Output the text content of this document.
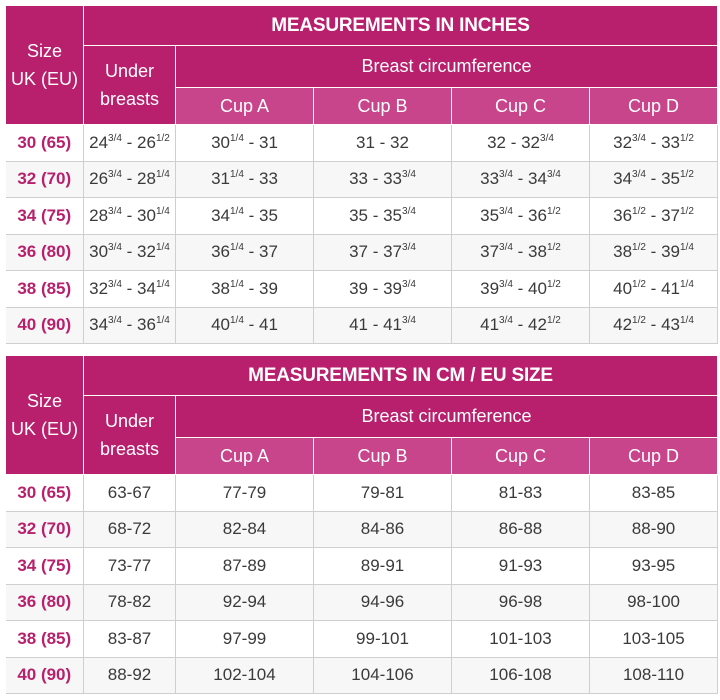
Size
UK (EU)	MEASUREMENTS IN INCHES				

	Under
breasts	Breast circumference			
		Cup A	Cup B	Cup C	Cup D
30 (65)	$24^{3/4} - 26^{1/2}$	$30^{1/4} - 31$	31 - 32	$32 - 32^{3/4}$	$32^{3/4} - 33^{1/2}$
32 (70)	$26^{3/4} - 28^{1/4}$	$31^{1/4} - 33$	$33 - 33^{3/4}$	$33^{3/4} - 34^{3/4}$	$34^{3/4} - 35^{1/2}$
34 (75)	$28^{3/4} - 30^{1/4}$	$34^{1/4} - 35$	$35 - 35^{3/4}$	$35^{3/4} - 36^{1/2}$	$36^{1/2} - 37^{1/2}$
36 (80)	$30^{3/4} - 32^{1/4}$	$36^{1/4} - 37$	$37 - 37^{3/4}$	$37^{3/4} - 38^{1/2}$	$38^{1/2} - 39^{1/4}$
38 (85)	$32^{3/4} - 34^{1/4}$	$38^{1/4} - 39$	$39 - 39^{3/4}$	$39^{3/4} - 40^{1/2}$	$40^{1/2} - 41^{1/4}$
40 (90)	$34^{3/4} - 36^{1/4}$	$40^{1/4} - 41$	$41 - 41^{3/4}$	$41^{3/4} - 42^{1/2}$	$42^{1/2} - 43^{1/4}$
Size
UK (EU)	MEASUREMENTS IN CM / EU SIZE				

	Under
breasts	Breast circumference			
		Cup A	Cup B	Cup C	Cup D
30 (65)	63-67	77-79	79-81	81-83	83-85
32 (70)	68-72	82-84	84-86	86-88	88-90
34 (75)	73-77	87-89	89-91	91-93	93-95
36 (80)	78-82	92-94	94-96	96-98	98-100
38 (85)	83-87	97-99	99-101	101-103	103-105
40 (90)	88-92	102-104	104-106	106-108	108-110
